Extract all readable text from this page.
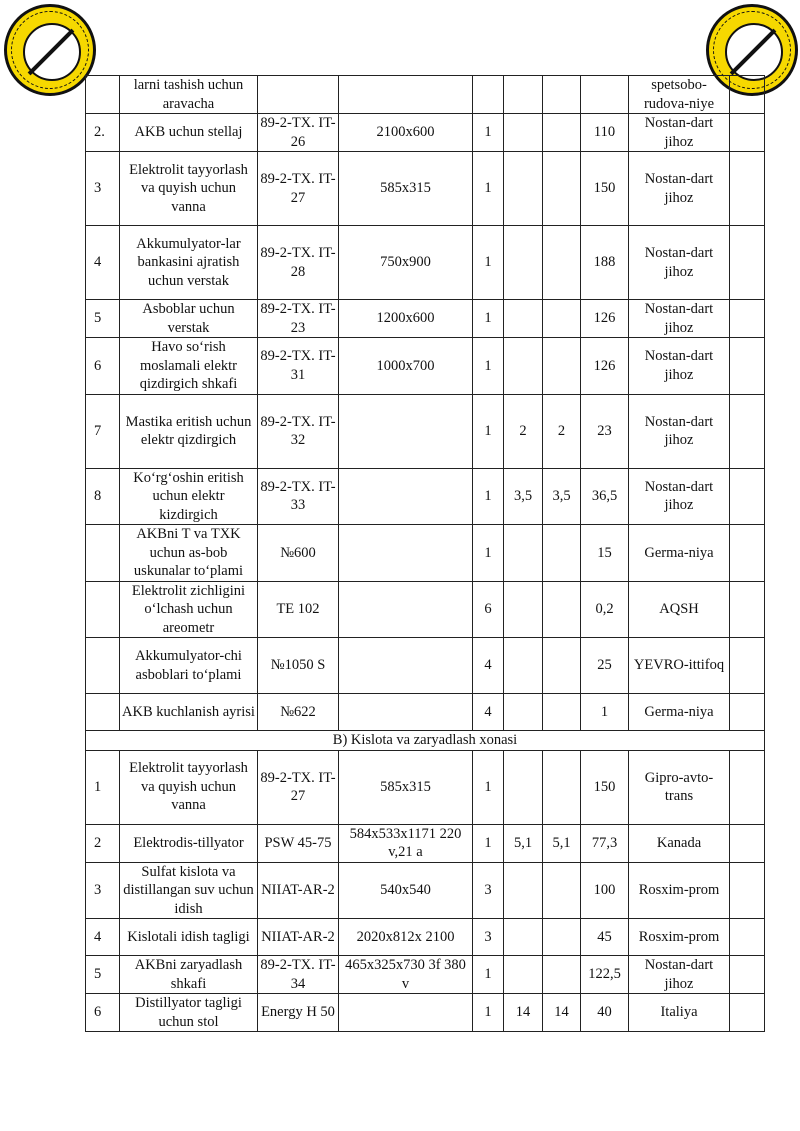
	larni tashish uchun aravacha							spetsobo-rudova-niye	
2.	AKB uchun stellaj	89-2-TX. IT-26	2100x600	1			110	Nostan-dart jihoz	
3	Elektrolit tayyorlash va quyish uchun vanna	89-2-TX. IT-27	585x315	1			150	Nostan-dart jihoz	
4	Akkumulyator-lar bankasini ajratish uchun verstak	89-2-TX. IT-28	750x900	1			188	Nostan-dart jihoz	
5	Asboblar uchun verstak	89-2-TX. IT-23	1200x600	1			126	Nostan-dart jihoz	
6	Havo so‘rish moslamali elektr qizdirgich shkafi	89-2-TX. IT-31	1000x700	1			126	Nostan-dart jihoz	
7	Mastika eritish uchun elektr qizdirgich	89-2-TX. IT-32		1	2	2	23	Nostan-dart jihoz	
8	Ko‘rg‘oshin eritish uchun elektr kizdirgich	89-2-TX. IT-33		1	3,5	3,5	36,5	Nostan-dart jihoz	
	AKBni T va TXK uchun as-bob uskunalar to‘plami	№600		1			15	Germa-niya	
	Elektrolit zichligini o‘lchash uchun areometr	TE 102		6			0,2	AQSH	
	Akkumulyator-chi asboblari to‘plami	№1050 S		4			25	YEVRO-ittifoq	
	AKB kuchlanish ayrisi	№622		4			1	Germa-niya	
B) Kislota va zaryadlash xonasi									
1	Elektrolit tayyorlash va quyish uchun vanna	89-2-TX. IT-27	585x315	1			150	Gipro-avto-trans	
2	Elektrodis-tillyator	PSW 45-75	584x533x1171 220 v,21 a	1	5,1	5,1	77,3	Kanada	
3	Sulfat kislota va distillangan suv uchun idish	NIIAT-AR-2	540x540	3			100	Rosxim-prom	
4	Kislotali idish tagligi	NIIAT-AR-2	2020x812x 2100	3			45	Rosxim-prom	
5	AKBni zaryadlash shkafi	89-2-TX. IT-34	465x325x730 3f 380 v	1			122,5	Nostan-dart jihoz	
6	Distillyator tagligi uchun stol	Energy H 50		1	14	14	40	Italiya	
